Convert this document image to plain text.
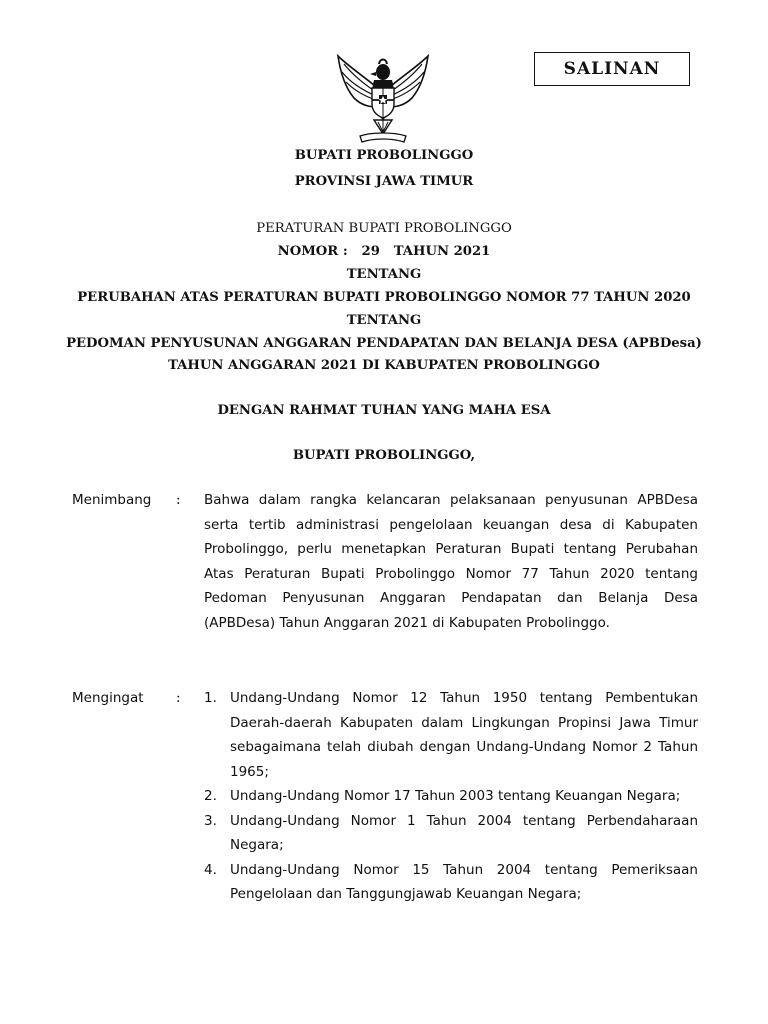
SALINAN
BUPATI PROBOLINGGO
PROVINSI JAWA TIMUR
PERATURAN BUPATI PROBOLINGGO
NOMOR :	29	TAHUN 2021
TENTANG
PERUBAHAN ATAS PERATURAN BUPATI PROBOLINGGO NOMOR 77 TAHUN 2020
TENTANG
PEDOMAN PENYUSUNAN ANGGARAN PENDAPATAN DAN BELANJA DESA (APBDesa)
TAHUN ANGGARAN 2021 DI KABUPATEN PROBOLINGGO
DENGAN RAHMAT TUHAN YANG MAHA ESA
BUPATI PROBOLINGGO,
Menimbang : Bahwa dalam rangka kelancaran pelaksanaan penyusunan APBDesa serta tertib administrasi pengelolaan keuangan desa di Kabupaten Probolinggo, perlu menetapkan Peraturan Bupati tentang Perubahan Atas Peraturan Bupati Probolinggo Nomor 77 Tahun 2020 tentang Pedoman Penyusunan Anggaran Pendapatan dan Belanja Desa (APBDesa) Tahun Anggaran 2021 di Kabupaten Probolinggo.
Mengingat : 1. Undang-Undang Nomor 12 Tahun 1950 tentang Pembentukan Daerah-daerah Kabupaten dalam Lingkungan Propinsi Jawa Timur sebagaimana telah diubah dengan Undang-Undang Nomor 2 Tahun 1965;
2. Undang-Undang Nomor 17 Tahun 2003 tentang Keuangan Negara;
3. Undang-Undang Nomor 1 Tahun 2004 tentang Perbendaharaan Negara;
4. Undang-Undang Nomor 15 Tahun 2004 tentang Pemeriksaan Pengelolaan dan Tanggungjawab Keuangan Negara;
